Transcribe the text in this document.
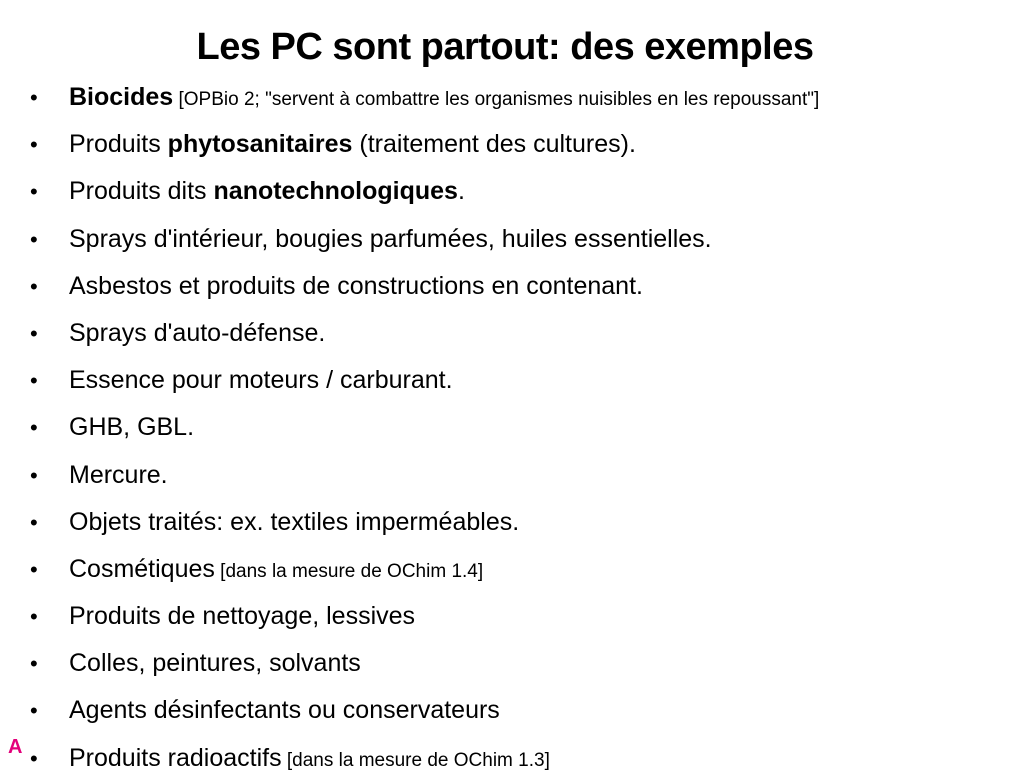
Les PC sont partout: des exemples
•	Biocides [OPBio 2; "servent à combattre les organismes nuisibles en les repoussant"]
•	Produits phytosanitaires (traitement des cultures).
•	Produits dits nanotechnologiques.
•	Sprays d'intérieur, bougies parfumées, huiles essentielles.
•	Asbestos et produits de constructions en contenant.
•	Sprays d'auto-défense.
•	Essence pour moteurs / carburant.
•	GHB, GBL.
•	Mercure.
•	Objets traités: ex. textiles imperméables.
•	Cosmétiques [dans la mesure de OChim 1.4]
•	Produits de nettoyage, lessives
•	Colles, peintures, solvants
•	Agents désinfectants ou conservateurs
•	Produits radioactifs [dans la mesure de OChim 1.3]
A
